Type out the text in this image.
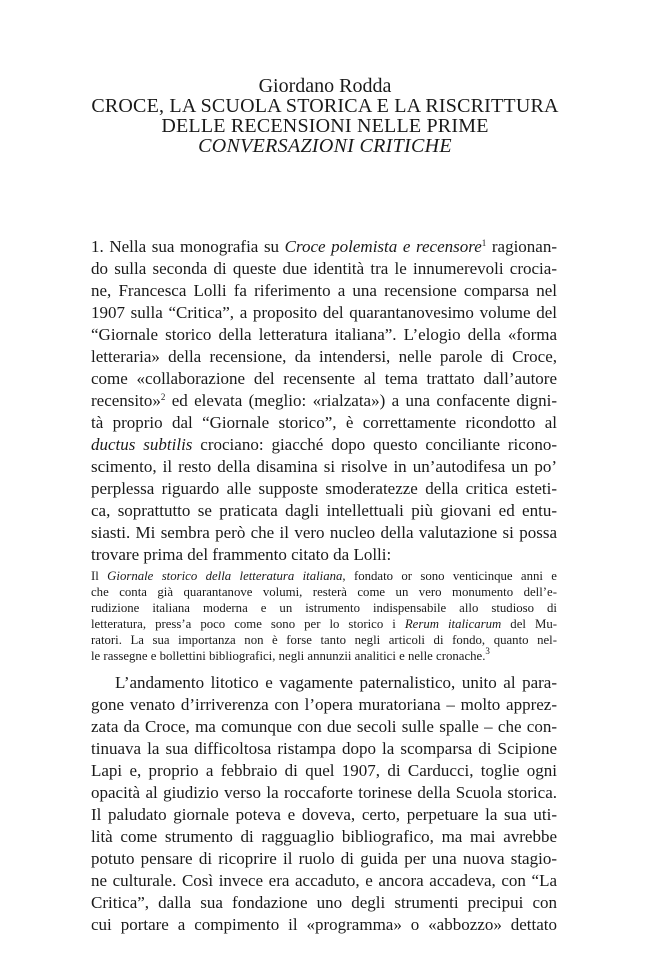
Giordano Rodda
CROCE, LA SCUOLA STORICA E LA RISCRITTURA
DELLE RECENSIONI NELLE PRIME
CONVERSAZIONI CRITICHE

1. Nella sua monografia su Croce polemista e recensore$^1$ ragionan-

do sulla seconda di queste due identità tra le innumerevoli crocia-

ne, Francesca Lolli fa riferimento a una recensione comparsa nel

1907 sulla “Critica”, a proposito del quarantanovesimo volume del

“Giornale storico della letteratura italiana”. L’elogio della «forma

letteraria» della recensione, da intendersi, nelle parole di Croce,

come «collaborazione del recensente al tema trattato dall’autore

recensito»$^2$ ed elevata (meglio: «rialzata») a una confacente digni-

tà proprio dal “Giornale storico”, è correttamente ricondotto al

ductus subtilis crociano: giacché dopo questo conciliante ricono-

scimento, il resto della disamina si risolve in un’autodifesa un po’

perplessa riguardo alle supposte smoderatezze della critica esteti-

ca, soprattutto se praticata dagli intellettuali più giovani ed entu-

siasti. Mi sembra però che il vero nucleo della valutazione si possa

trovare prima del frammento citato da Lolli:

Il Giornale storico della letteratura italiana, fondato or sono venticinque anni e

che conta già quarantanove volumi, resterà come un vero monumento dell’e-

rudizione italiana moderna e un istrumento indispensabile allo studioso di

letteratura, press’a poco come sono per lo storico i Rerum italicarum del Mu-

ratori. La sua importanza non è forse tanto negli articoli di fondo, quanto nel-

le rassegne e bollettini bibliografici, negli annunzii analitici e nelle cronache.$^3$

L’andamento litotico e vagamente paternalistico, unito al para-

gone venato d’irriverenza con l’opera muratoriana – molto apprez-

zata da Croce, ma comunque con due secoli sulle spalle – che con-

tinuava la sua difficoltosa ristampa dopo la scomparsa di Scipione

Lapi e, proprio a febbraio di quel 1907, di Carducci, toglie ogni

opacità al giudizio verso la roccaforte torinese della Scuola storica.

Il paludato giornale poteva e doveva, certo, perpetuare la sua uti-

lità come strumento di ragguaglio bibliografico, ma mai avrebbe

potuto pensare di ricoprire il ruolo di guida per una nuova stagio-

ne culturale. Così invece era accaduto, e ancora accadeva, con “La

Critica”, dalla sua fondazione uno degli strumenti precipui con

cui portare a compimento il «programma» o «abbozzo» dettato
